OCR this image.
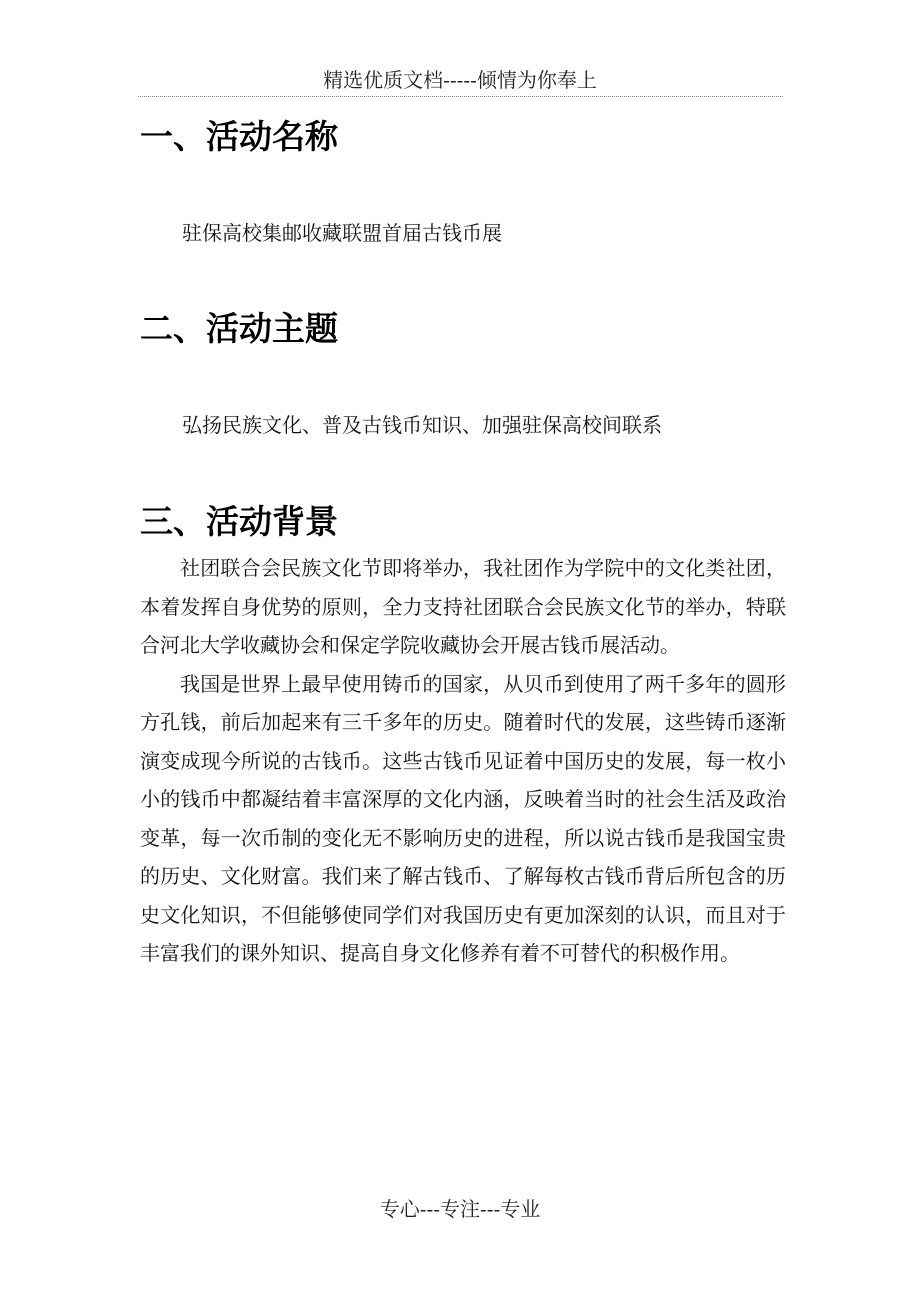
精选优质文档-----倾情为你奉上
一、活动名称
驻保高校集邮收藏联盟首届古钱币展
二、活动主题
弘扬民族文化、普及古钱币知识、加强驻保高校间联系
三、活动背景

社团联合会民族文化节即将举办，我社团作为学院中的文化类社团，本着发挥自身优势的原则，全力支持社团联合会民族文化节的举办，特联合河北大学收藏协会和保定学院收藏协会开展古钱币展活动。

我国是世界上最早使用铸币的国家，从贝币到使用了两千多年的圆形方孔钱，前后加起来有三千多年的历史。随着时代的发展，这些铸币逐渐演变成现今所说的古钱币。这些古钱币见证着中国历史的发展，每一枚小小的钱币中都凝结着丰富深厚的文化内涵，反映着当时的社会生活及政治变革，每一次币制的变化无不影响历史的进程，所以说古钱币是我国宝贵的历史、文化财富。我们来了解古钱币、了解每枚古钱币背后所包含的历史文化知识，不但能够使同学们对我国历史有更加深刻的认识，而且对于丰富我们的课外知识、提高自身文化修养有着不可替代的积极作用。

专心---专注---专业
